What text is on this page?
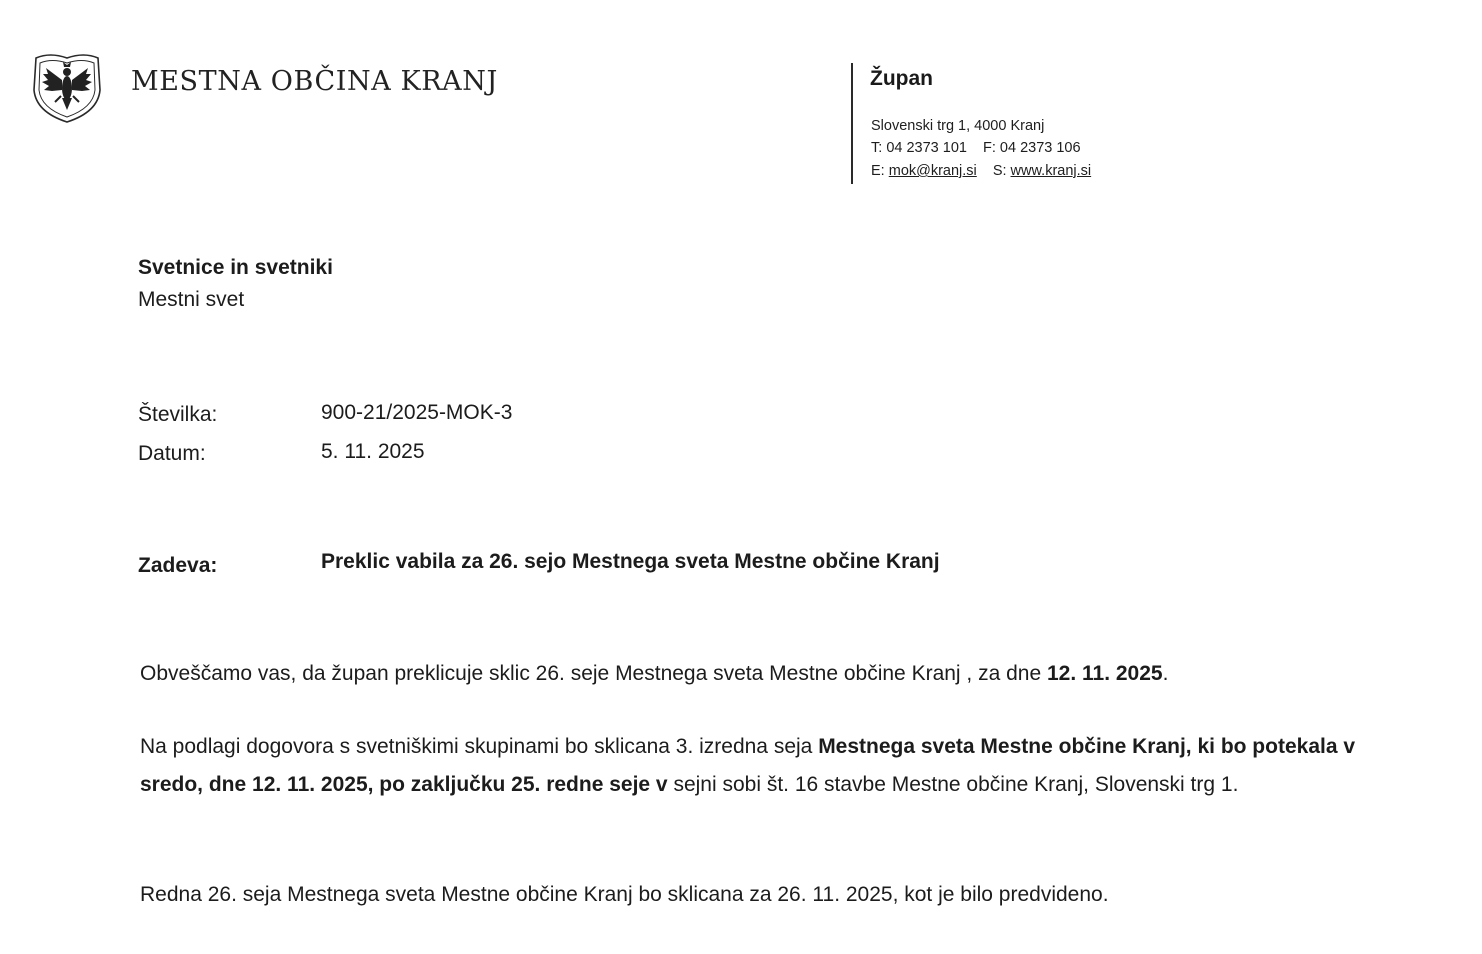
MESTNA OBČINA KRANJ	Župan
Slovenski trg 1, 4000 Kranj
T: 04 2373 101 F: 04 2373 106
E: mok@kranj.si S: www.kranj.si
Svetnice in svetniki
Mestni svet
Številka:	900-21/2025-MOK-3
Datum:	5. 11. 2025
Zadeva:	Preklic vabila za 26. sejo Mestnega sveta Mestne občine Kranj
Obveščamo vas, da župan preklicuje sklic 26. seje Mestnega sveta Mestne občine Kranj , za dne 12. 11. 2025.
Na podlagi dogovora s svetniškimi skupinami bo sklicana 3. izredna seja Mestnega sveta Mestne občine Kranj, ki bo potekala v sredo, dne 12. 11. 2025, po zaključku 25. redne seje v sejni sobi št. 16 stavbe Mestne občine Kranj, Slovenski trg 1.
Redna 26. seja Mestnega sveta Mestne občine Kranj bo sklicana za 26. 11. 2025, kot je bilo predvideno.
